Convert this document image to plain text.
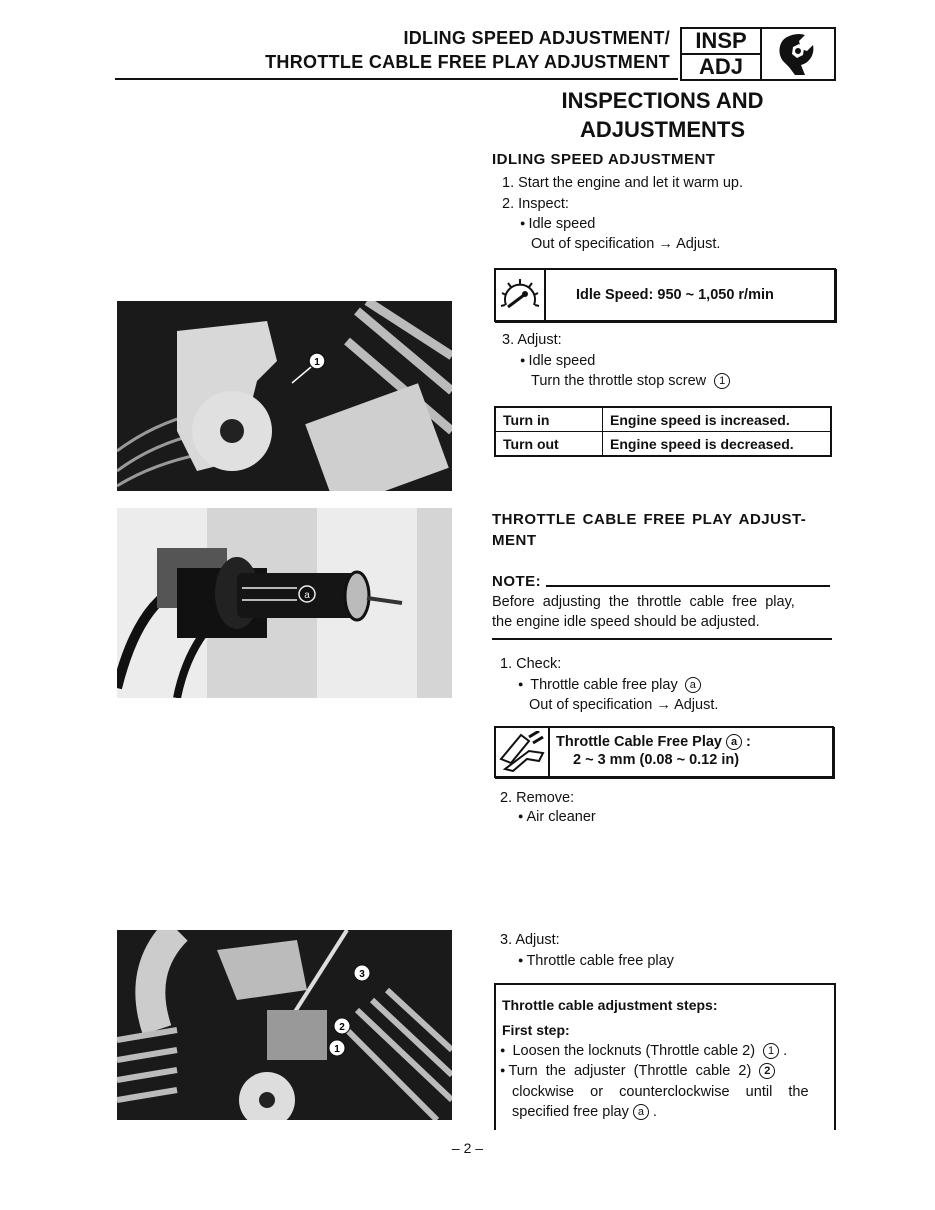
IDLING SPEED ADJUSTMENT/
THROTTLE CABLE FREE PLAY ADJUSTMENT
INSP
ADJ
1
a
3
2
1
INSPECTIONS AND
ADJUSTMENTS
IDLING SPEED ADJUSTMENT
1. Start the engine and let it warm up.
2. Inspect:
● Idle speed
Out of specification → Adjust.
Idle Speed: 950 ~ 1,050 r/min
3. Adjust:
● Idle speed
Turn the throttle stop screw 1
Turn in	Engine speed is increased.
Turn out	Engine speed is decreased.
THROTTLE CABLE FREE PLAY ADJUST-
MENT
NOTE:
Before  adjusting  the  throttle  cable  free  play,
the engine idle speed should be adjusted.
1. Check:
● Throttle cable free play a
Out of specification → Adjust.
Throttle Cable Free Play a :
2 ~ 3 mm (0.08 ~ 0.12 in)
2. Remove:
● Air cleaner
3. Adjust:
● Throttle cable free play
Throttle cable adjustment steps:
First step:
● Loosen the locknuts (Throttle cable 2) 1 .
● Turn  the  adjuster  (Throttle  cable  2) 2
clockwise    or    counterclockwise    until    the
specified free play a .
– 2 –
